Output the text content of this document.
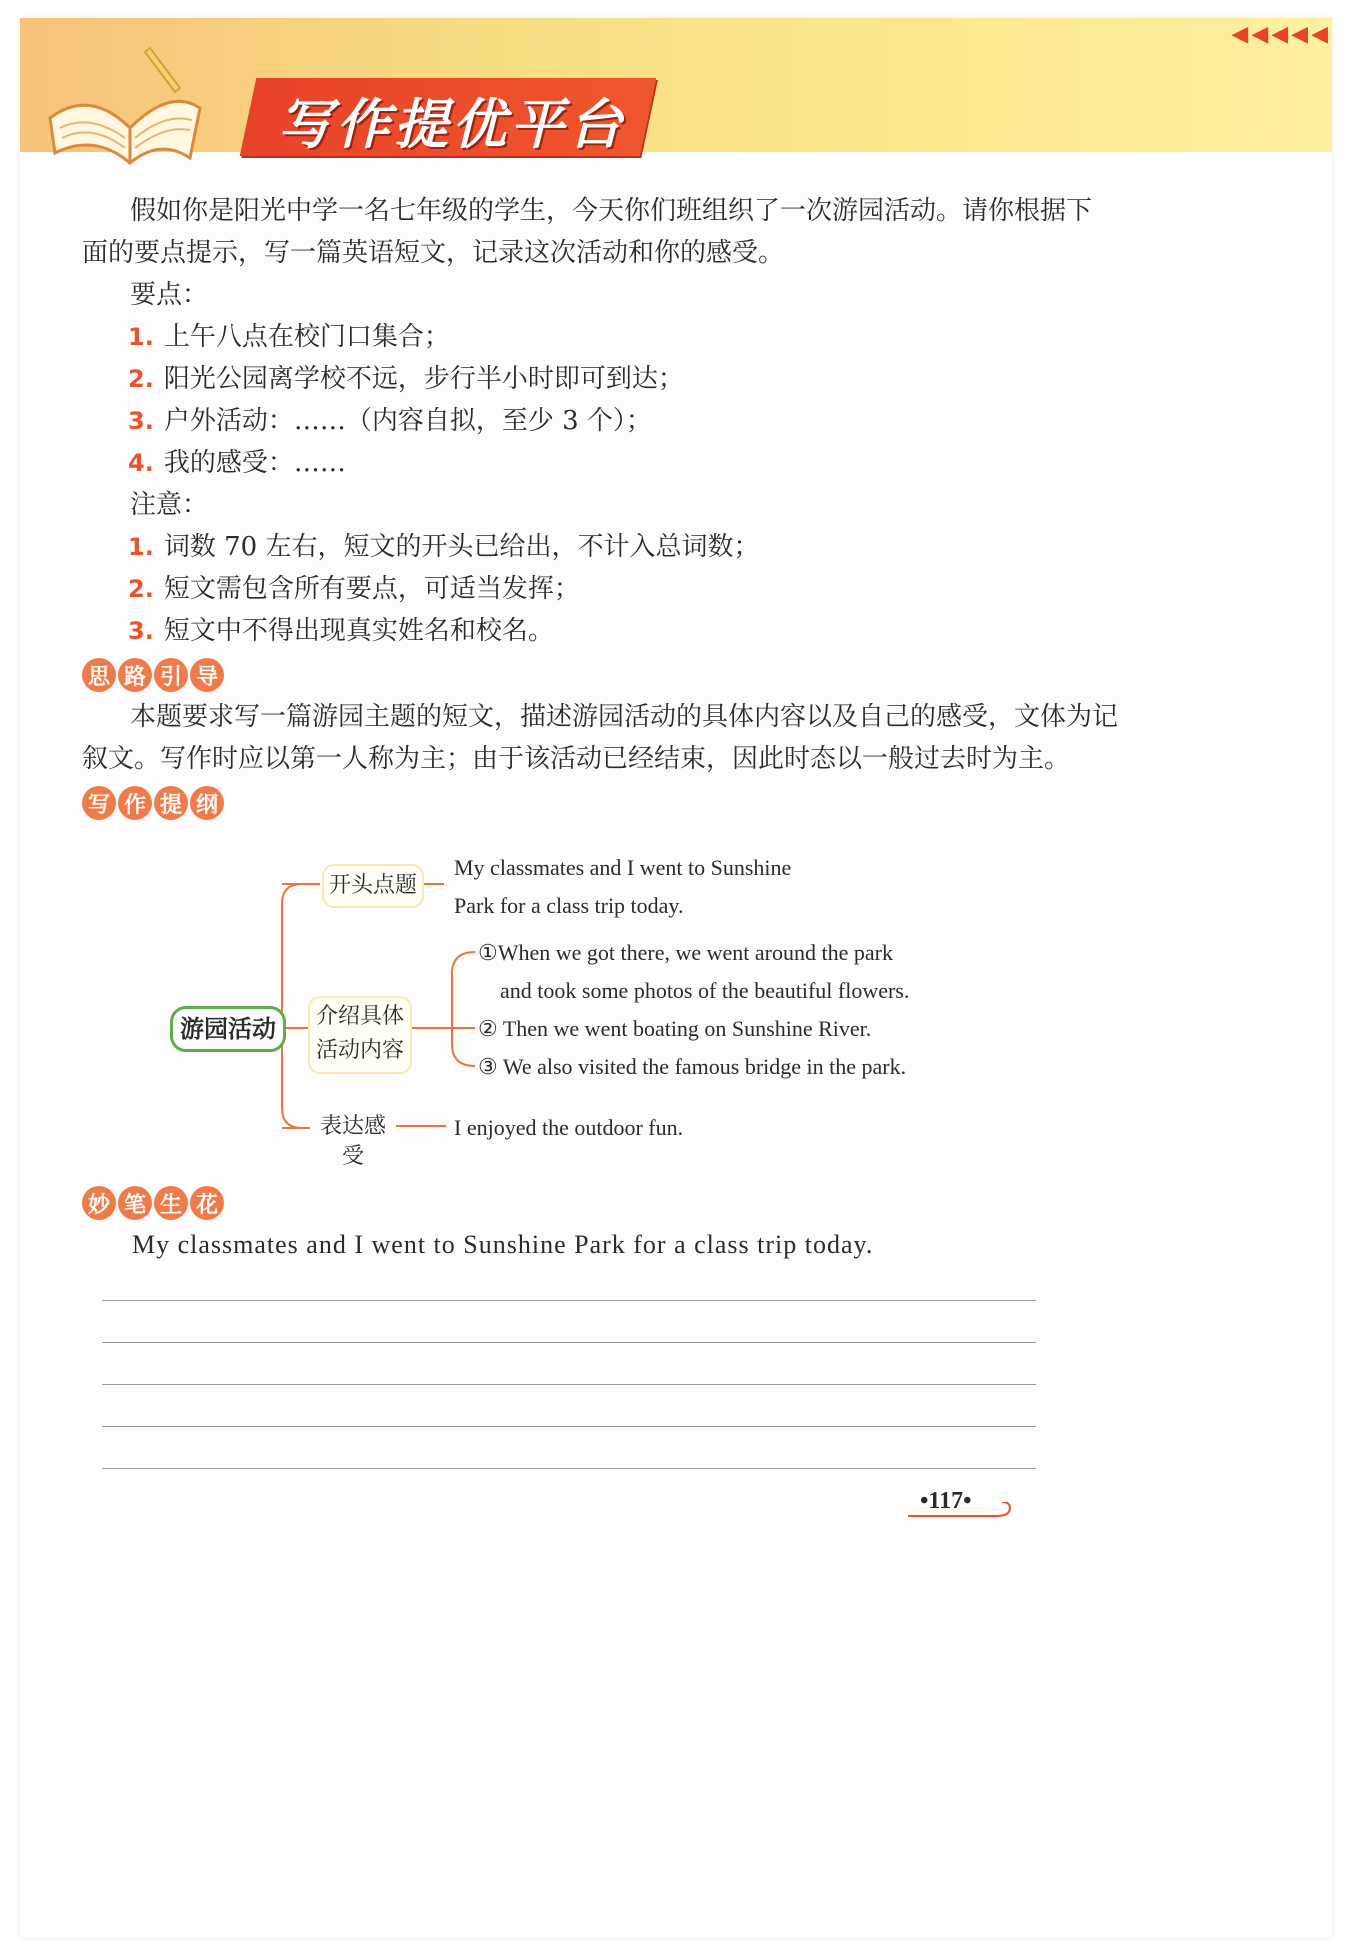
写作提优平台
◀ ◀ ◀ ◀ ◀
假如你是阳光中学一名七年级的学生，今天你们班组织了一次游园活动。请你根据下
面的要点提示，写一篇英语短文，记录这次活动和你的感受。
要点：
1. 上午八点在校门口集合；
2. 阳光公园离学校不远，步行半小时即可到达；
3. 户外活动：……（内容自拟，至少 3 个）；
4. 我的感受：……
注意：
1. 词数 70 左右，短文的开头已给出，不计入总词数；
2. 短文需包含所有要点，可适当发挥；
3. 短文中不得出现真实姓名和校名。
思 路 引 导
本题要求写一篇游园主题的短文，描述游园活动的具体内容以及自己的感受，文体为记
叙文。写作时应以第一人称为主；由于该活动已经结束，因此时态以一般过去时为主。
写 作 提 纲
游园活动
开头点题
My classmates and I went to Sunshine
Park for a class trip today.
介绍具体
活动内容
①When we got there, we went around the park
and took some photos of the beautiful flowers.
② Then we went boating on Sunshine River.
③ We also visited the famous bridge in the park.
表达感受
I enjoyed the outdoor fun.
妙 笔 生 花
My classmates and I went to Sunshine Park for a class trip today.
•117•
